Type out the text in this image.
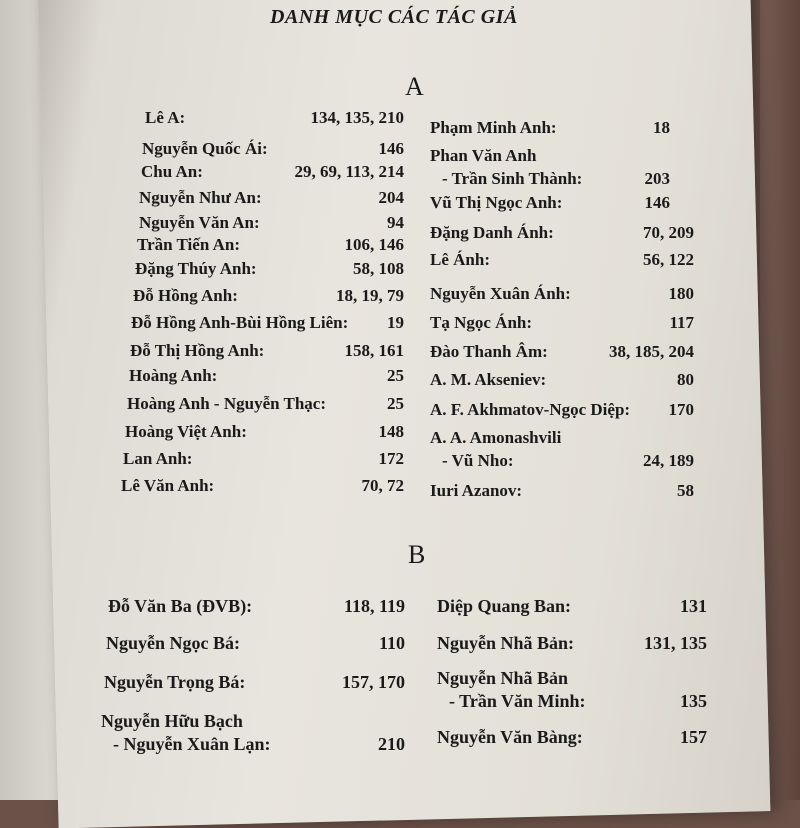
DANH MỤC CÁC TÁC GIẢ
A
B
Lê A:	134, 135, 210
Nguyễn Quốc Ái:	146
Chu An:	29, 69, 113, 214
Nguyễn Như An:	204
Nguyễn Văn An:	94
Trần Tiến An:	106, 146
Đặng Thúy Anh:	58, 108
Đỗ Hồng Anh:	18, 19, 79
Đỗ Hồng Anh-Bùi Hồng Liên: 19
Đỗ Thị Hồng Anh:	158, 161
Hoàng Anh:	25
Hoàng Anh - Nguyễn Thạc:	25
Hoàng Việt Anh:	148
Lan Anh:	172
Lê Văn Anh:	70, 72
Phạm Minh Anh:	18
Phan Văn Anh
- Trần Sinh Thành:	203
Vũ Thị Ngọc Anh:	146
Đặng Danh Ánh:	70, 209
Lê Ánh:	56, 122
Nguyễn Xuân Ánh:	180
Tạ Ngọc Ánh:	117
Đào Thanh Âm:	38, 185, 204
A. M. Akseniev:	80
A. F. Akhmatov-Ngọc Diệp: 170
A. A. Amonashvili
- Vũ Nho:	24, 189
Iuri Azanov:	58
Đỗ Văn Ba (ĐVB):	118, 119
Nguyễn Ngọc Bá:	110
Nguyễn Trọng Bá:	157, 170
Nguyễn Hữu Bạch
- Nguyễn Xuân Lạn:	210
Diệp Quang Ban:	131
Nguyễn Nhã Bản:	131, 135
Nguyễn Nhã Bản
- Trần Văn Minh:	135
Nguyễn Văn Bàng:	157
